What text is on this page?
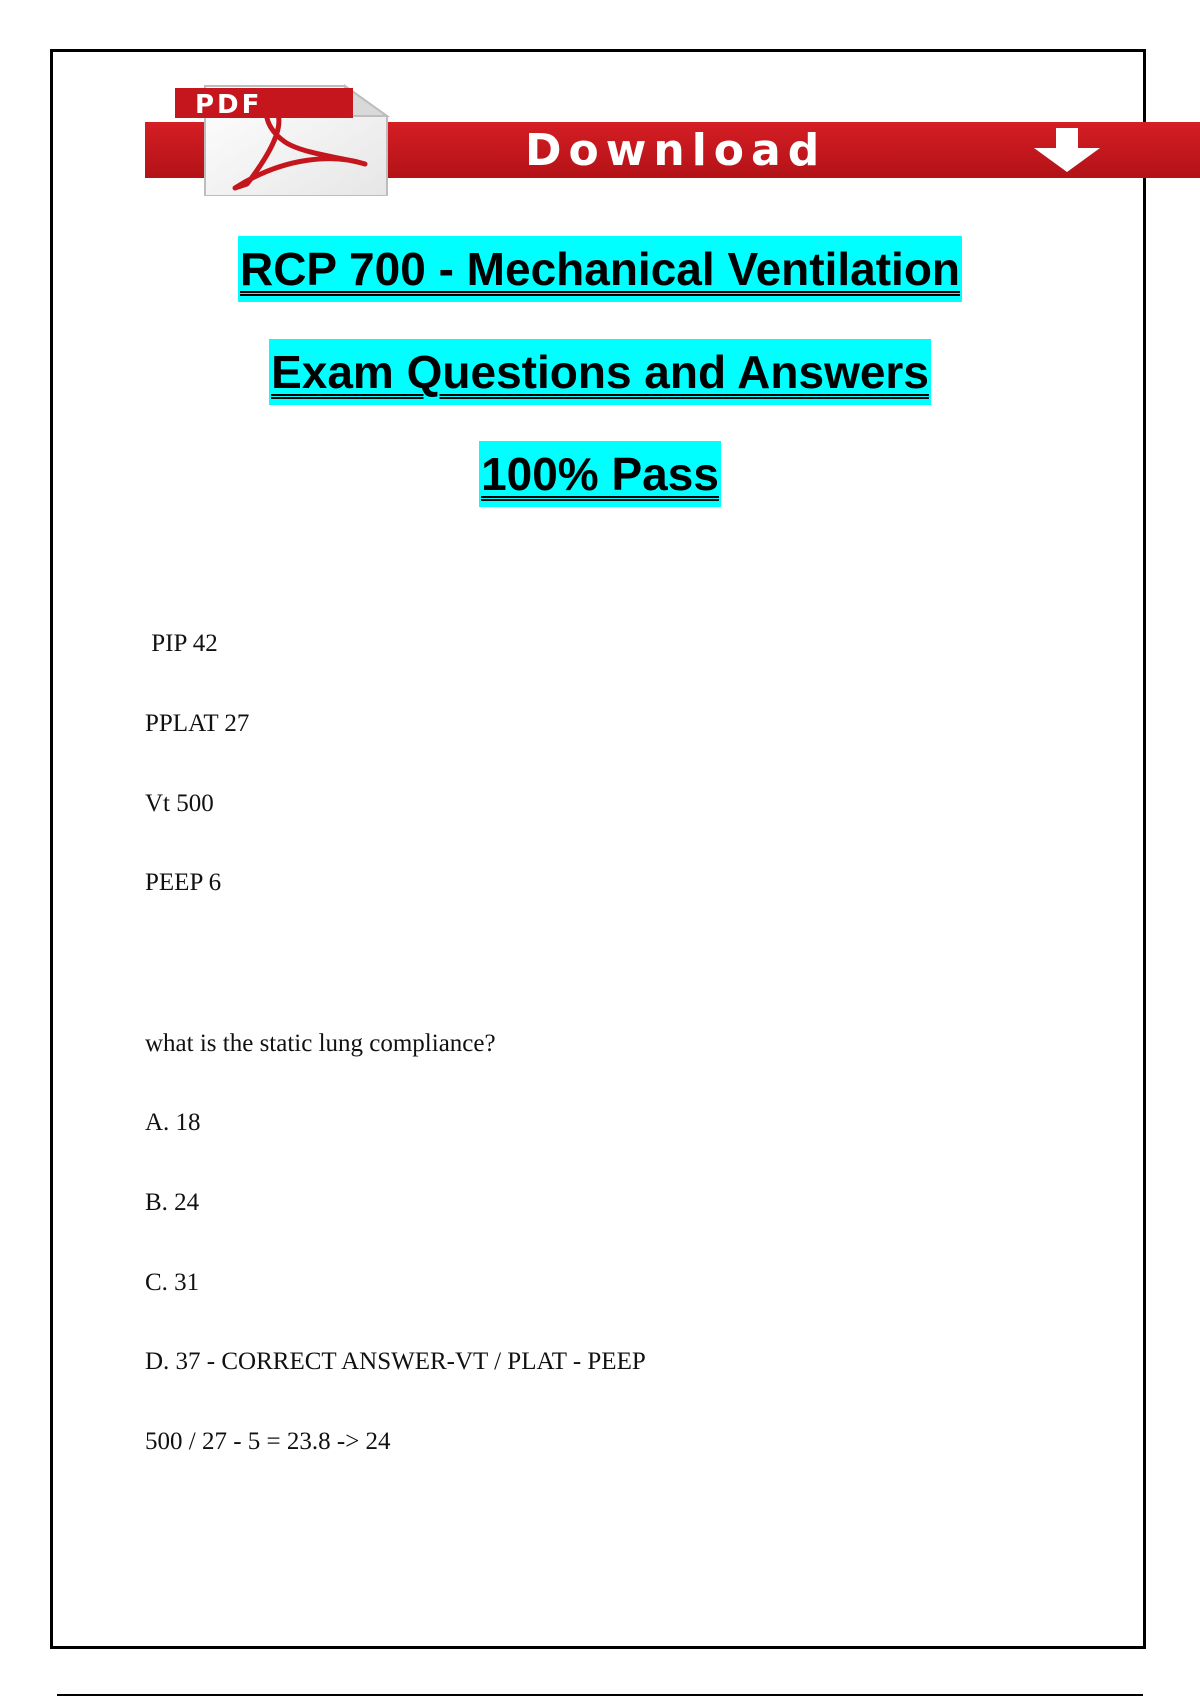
Download
PDF
RCP 700 - Mechanical Ventilation
Exam Questions and Answers
100% Pass
PIP 42
PPLAT 27
Vt 500
PEEP 6
what is the static lung compliance?
A. 18
B. 24
C. 31
D. 37 - CORRECT ANSWER-VT / PLAT - PEEP
500 / 27 - 5 = 23.8 -> 24
